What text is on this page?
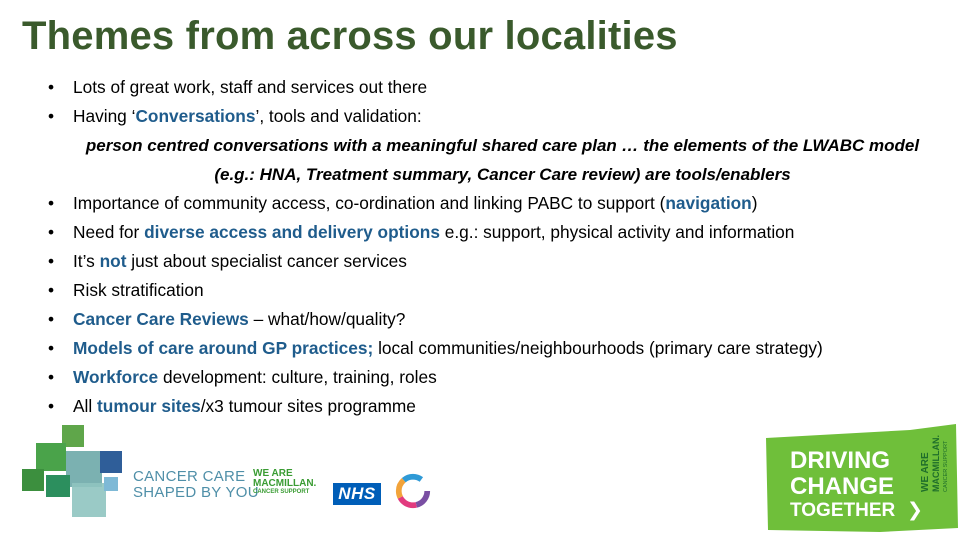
Themes from across our localities
• Lots of great work, staff and services out there
• Having ‘Conversations’, tools and validation:
person centred conversations with a meaningful shared care plan … the elements of the LWABC model (e.g.: HNA, Treatment summary, Cancer Care review) are tools/enablers
• Importance of community access, co-ordination and linking PABC to support (navigation)
• Need for diverse access and delivery options e.g.: support, physical activity and information
• It’s not just about specialist cancer services
• Risk stratification
• Cancer Care Reviews – what/how/quality?
• Models of care around GP practices; local communities/neighbourhoods (primary care strategy)
• Workforce development: culture, training, roles
• All tumour sites/x3 tumour sites programme
CANCER CARE
SHAPED BY YOU
WE ARE
MACMILLAN.
CANCER SUPPORT	NHS
DRIVING
CHANGE
TOGETHER ❯
WE ARE MACMILLAN. CANCER SUPPORT
